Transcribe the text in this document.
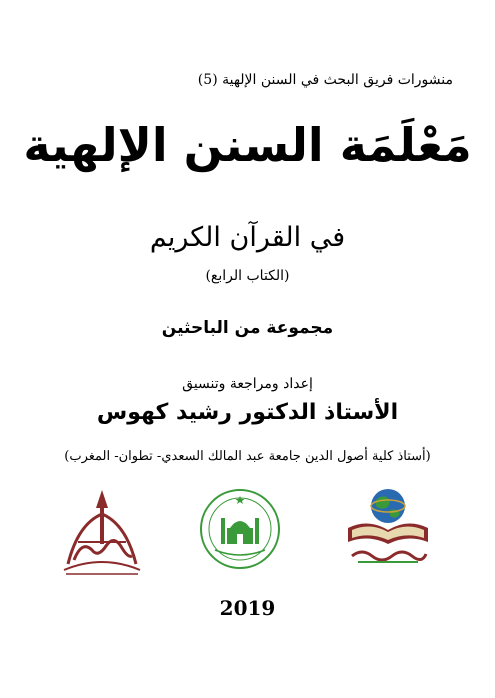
منشورات فريق البحث في السنن الإلهية (5)
مَعْلَمَة السنن الإلهية
في القرآن الكريم
(الكتاب الرابع)
مجموعة من الباحثين
إعداد ومراجعة وتنسيق
الأستاذ الدكتور رشيد كهوس
(أستاذ كلية أصول الدين جامعة عبد المالك السعدي- تطوان- المغرب)
2019
